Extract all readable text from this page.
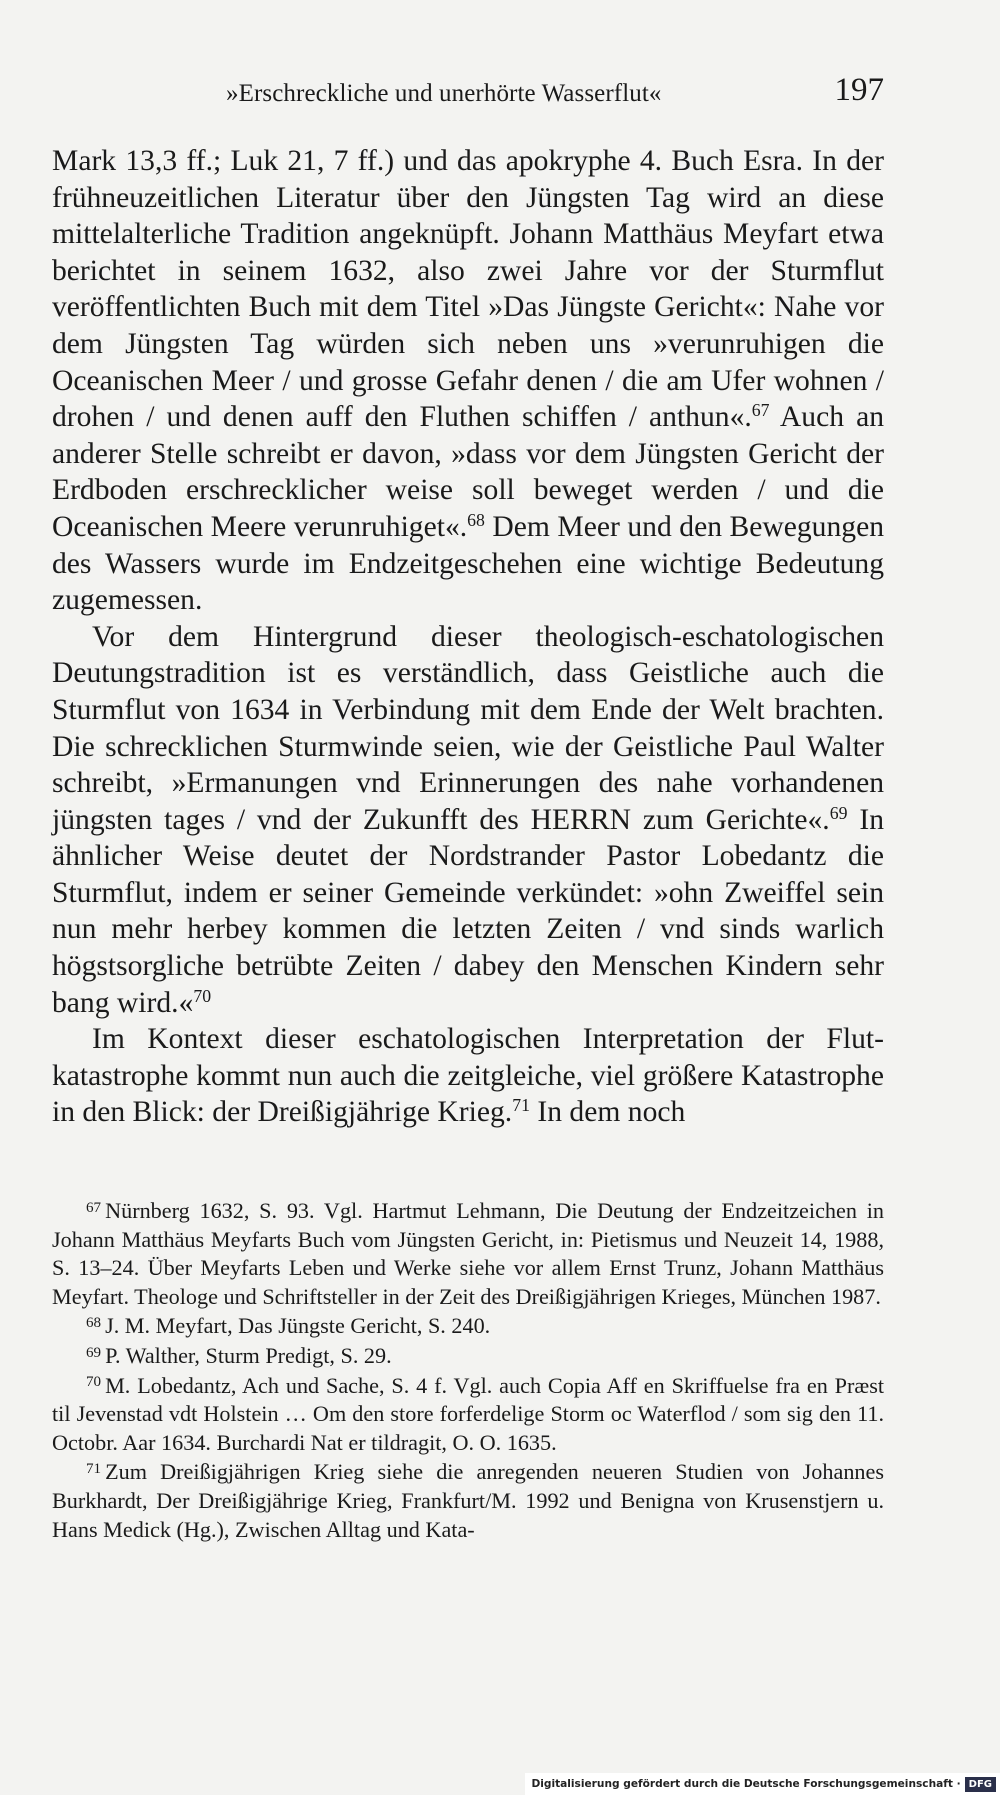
»Erschreckliche und unerhörte Wasserflut«	197

Mark 13,3 ff.; Luk 21, 7 ff.) und das apokryphe 4. Buch Esra. In der frühneuzeitlichen Literatur über den Jüngsten Tag wird an diese mittelalterliche Tradition angeknüpft. Johann Matthäus Meyfart etwa berichtet in seinem 1632, also zwei Jahre vor der Sturmflut veröffentlichten Buch mit dem Titel »Das Jüngste Gericht«: Nahe vor dem Jüngsten Tag würden sich neben uns »verunruhigen die Oceanischen Meer / und grosse Gefahr denen / die am Ufer wohnen / drohen / und denen auff den Fluthen schiffen / anthun«.$^{67}$ Auch an anderer Stelle schreibt er davon, »dass vor dem Jüngsten Gericht der Erdboden erschrecklicher weise soll beweget werden / und die Oceanischen Meere verunruhiget«.$^{68}$ Dem Meer und den Bewegungen des Wassers wurde im Endzeitgeschehen eine wichtige Bedeutung zugemessen.

Vor dem Hintergrund dieser theologisch-eschatologischen Deutungstradition ist es verständlich, dass Geistliche auch die Sturmflut von 1634 in Verbindung mit dem Ende der Welt brachten. Die schrecklichen Sturmwinde seien, wie der Geistliche Paul Walter schreibt, »Ermanungen vnd Erinnerungen des nahe vorhandenen jüngsten tages / vnd der Zukunfft des HERRN zum Gerichte«.$^{69}$ In ähnlicher Weise deutet der Nordstrander Pastor Lobedantz die Sturmflut, indem er seiner Gemeinde verkündet: »ohn Zweiffel sein nun mehr herbey kommen die letzten Zeiten / vnd sinds warlich högstsorgliche betrübte Zeiten / dabey den Menschen Kindern sehr bang wird.«$^{70}$

Im Kontext dieser eschatologischen Interpretation der Flutkatastrophe kommt nun auch die zeitgleiche, viel größere Katastrophe in den Blick: der Dreißigjährige Krieg.$^{71}$ In dem noch

$^{67}$ Nürnberg 1632, S. 93. Vgl. Hartmut Lehmann, Die Deutung der Endzeitzeichen in Johann Matthäus Meyfarts Buch vom Jüngsten Gericht, in: Pietismus und Neuzeit 14, 1988, S. 13–24. Über Meyfarts Leben und Werke siehe vor allem Ernst Trunz, Johann Matthäus Meyfart. Theologe und Schriftsteller in der Zeit des Dreißigjährigen Krieges, München 1987.

$^{68}$ J. M. Meyfart, Das Jüngste Gericht, S. 240.

$^{69}$ P. Walther, Sturm Predigt, S. 29.

$^{70}$ M. Lobedantz, Ach und Sache, S. 4 f. Vgl. auch Copia Aff en Skriffuelse fra en Præst til Jevenstad vdt Holstein … Om den store forferdelige Storm oc Waterflod / som sig den 11. Octobr. Aar 1634. Burchardi Nat er tildragit, O. O. 1635.

$^{71}$ Zum Dreißigjährigen Krieg siehe die anregenden neueren Studien von Johannes Burkhardt, Der Dreißigjährige Krieg, Frankfurt/M. 1992 und Benigna von Krusenstjern u. Hans Medick (Hg.), Zwischen Alltag und Kata-

Digitalisierung gefördert durch die Deutsche Forschungsgemeinschaft · DFG
